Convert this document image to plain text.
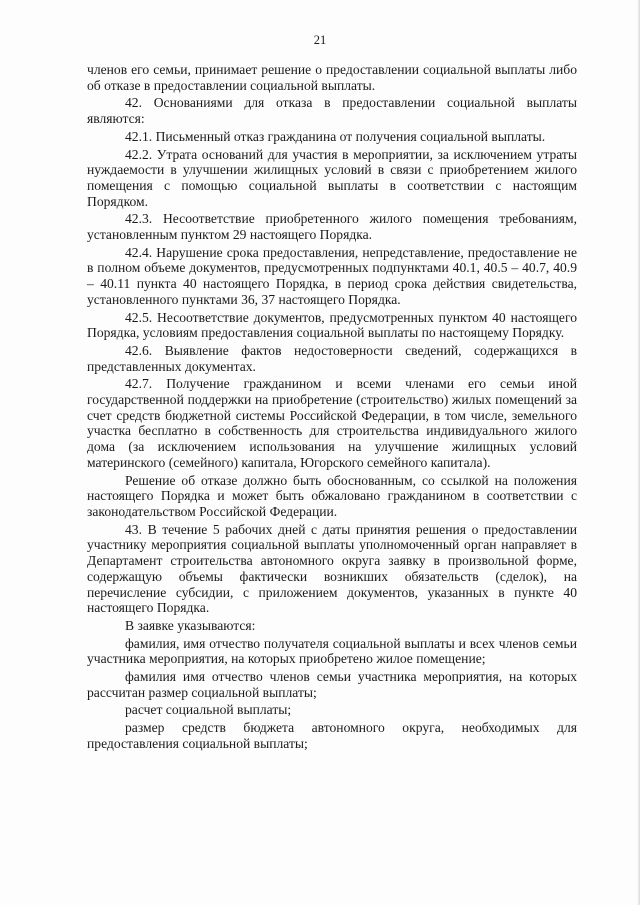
21

членов его семьи, принимает решение о предоставлении социальной выплаты либо об отказе в предоставлении социальной выплаты.

42. Основаниями для отказа в предоставлении социальной выплаты являются:

42.1. Письменный отказ гражданина от получения социальной выплаты.

42.2. Утрата оснований для участия в мероприятии, за исключением утраты нуждаемости в улучшении жилищных условий в связи с приобретением жилого помещения с помощью социальной выплаты в соответствии с настоящим Порядком.

42.3. Несоответствие приобретенного жилого помещения требованиям, установленным пунктом 29 настоящего Порядка.

42.4. Нарушение срока предоставления, непредставление, предоставление не в полном объеме документов, предусмотренных подпунктами 40.1, 40.5 – 40.7, 40.9 – 40.11 пункта 40 настоящего Порядка, в период срока действия свидетельства, установленного пунктами 36, 37 настоящего Порядка.

42.5. Несоответствие документов, предусмотренных пунктом 40 настоящего Порядка, условиям предоставления социальной выплаты по настоящему Порядку.

42.6. Выявление фактов недостоверности сведений, содержащихся в представленных документах.

42.7. Получение гражданином и всеми членами его семьи иной государственной поддержки на приобретение (строительство) жилых помещений за счет средств бюджетной системы Российской Федерации, в том числе, земельного участка бесплатно в собственность для строительства индивидуального жилого дома (за исключением использования на улучшение жилищных условий материнского (семейного) капитала, Югорского семейного капитала).

Решение об отказе должно быть обоснованным, со ссылкой на положения настоящего Порядка и может быть обжаловано гражданином в соответствии с законодательством Российской Федерации.

43. В течение 5 рабочих дней с даты принятия решения о предоставлении участнику мероприятия социальной выплаты уполномоченный орган направляет в Департамент строительства автономного округа заявку в произвольной форме, содержащую объемы фактически возникших обязательств (сделок), на перечисление субсидии, с приложением документов, указанных в пункте 40 настоящего Порядка.

В заявке указываются:

фамилия, имя отчество получателя социальной выплаты и всех членов семьи участника мероприятия, на которых приобретено жилое помещение;

фамилия имя отчество членов семьи участника мероприятия, на которых рассчитан размер социальной выплаты;

расчет социальной выплаты;

размер средств бюджета автономного округа, необходимых для предоставления социальной выплаты;
